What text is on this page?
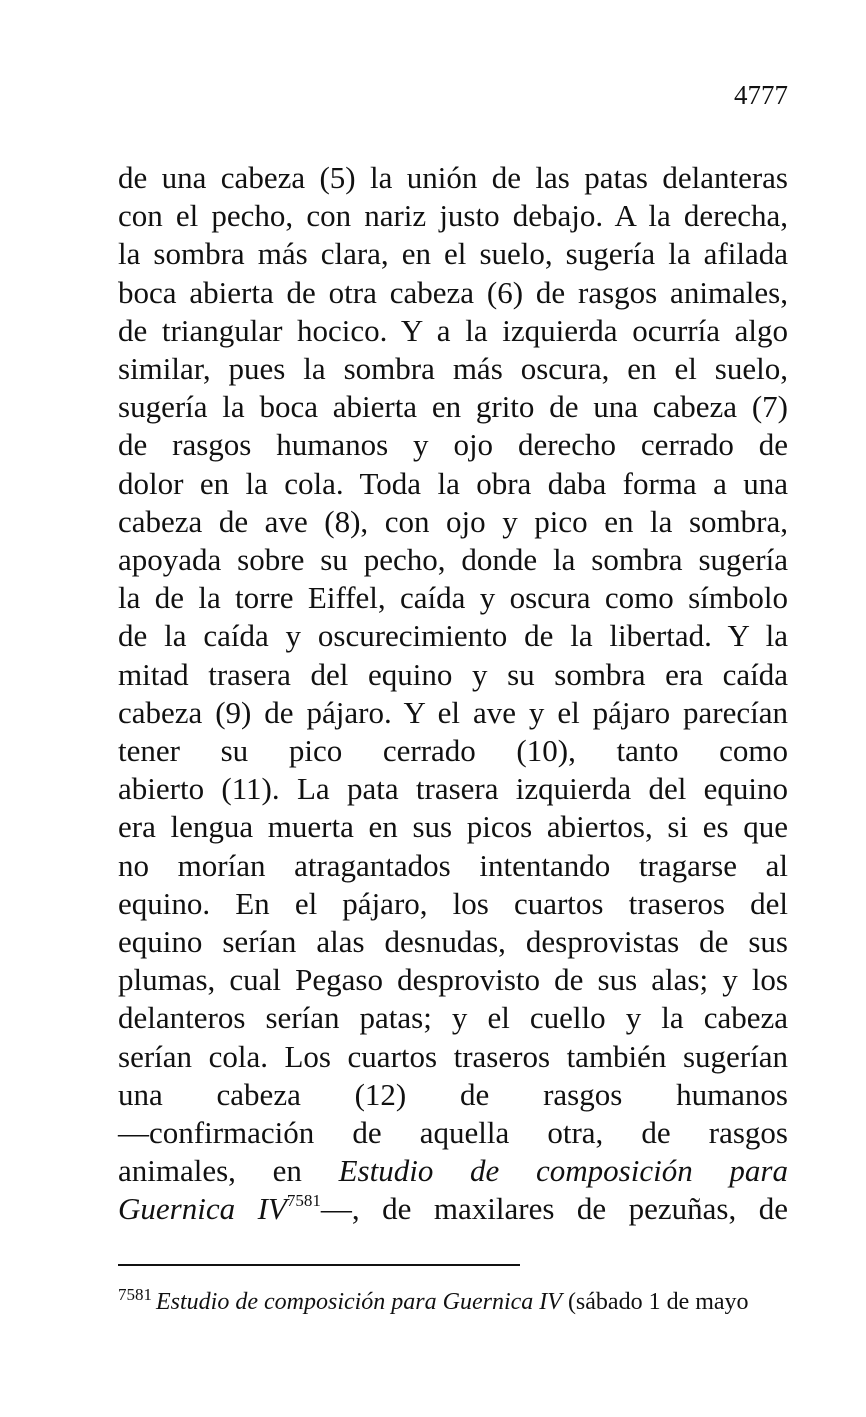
4777
de una cabeza (5) la unión de las patas delanteras
con el pecho, con nariz justo debajo. A la derecha,
la sombra más clara, en el suelo, sugería la afilada
boca abierta de otra cabeza (6) de rasgos animales,
de triangular hocico. Y a la izquierda ocurría algo
similar, pues la sombra más oscura, en el suelo,
sugería la boca abierta en grito de una cabeza (7)
de rasgos humanos y ojo derecho cerrado de
dolor en la cola. Toda la obra daba forma a una
cabeza de ave (8), con ojo y pico en la sombra,
apoyada sobre su pecho, donde la sombra sugería
la de la torre Eiffel, caída y oscura como símbolo
de la caída y oscurecimiento de la libertad. Y la
mitad trasera del equino y su sombra era caída
cabeza (9) de pájaro. Y el ave y el pájaro parecían
tener su pico cerrado (10), tanto como
abierto (11). La pata trasera izquierda del equino
era lengua muerta en sus picos abiertos, si es que
no morían atragantados intentando tragarse al
equino. En el pájaro, los cuartos traseros del
equino serían alas desnudas, desprovistas de sus
plumas, cual Pegaso desprovisto de sus alas; y los
delanteros serían patas; y el cuello y la cabeza
serían cola. Los cuartos traseros también sugerían
una cabeza (12) de rasgos humanos
—confirmación de aquella otra, de rasgos
animales, en Estudio de composición para
Guernica $IV^{7581}—$, de maxilares de pezuñas, de
$^{7581}$ Estudio de composición para Guernica IV (sábado 1 de mayo
